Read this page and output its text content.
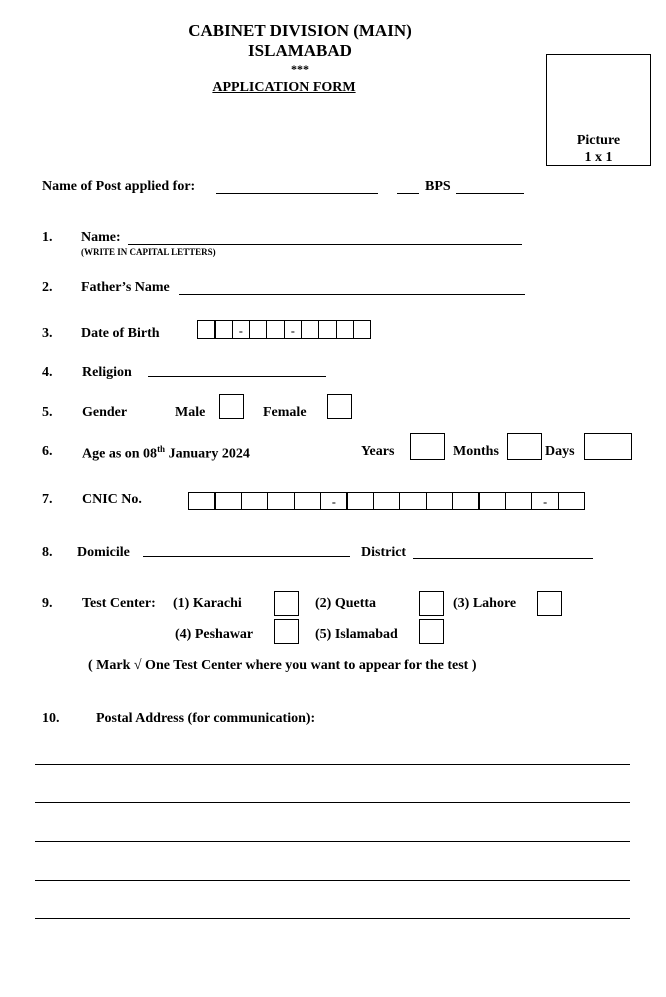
CABINET DIVISION (MAIN)
ISLAMABAD
***
APPLICATION FORM
Picture
1 x 1
Name of Post applied for:	BPS
1. Name:
(WRITE IN CAPITAL LETTERS)
2. Father’s Name
3. Date of Birth	-	-
4. Religion
5. Gender	Male	Female
6. Age as on 08th January 2024	Years	Months	Days
7. CNIC No.	-	-
8. Domicile	District
9. Test Center: (1) Karachi	(2) Quetta	(3) Lahore
(4) Peshawar	(5) Islamabad
( Mark √ One Test Center where you want to appear for the test )
10.	Postal Address (for communication):
